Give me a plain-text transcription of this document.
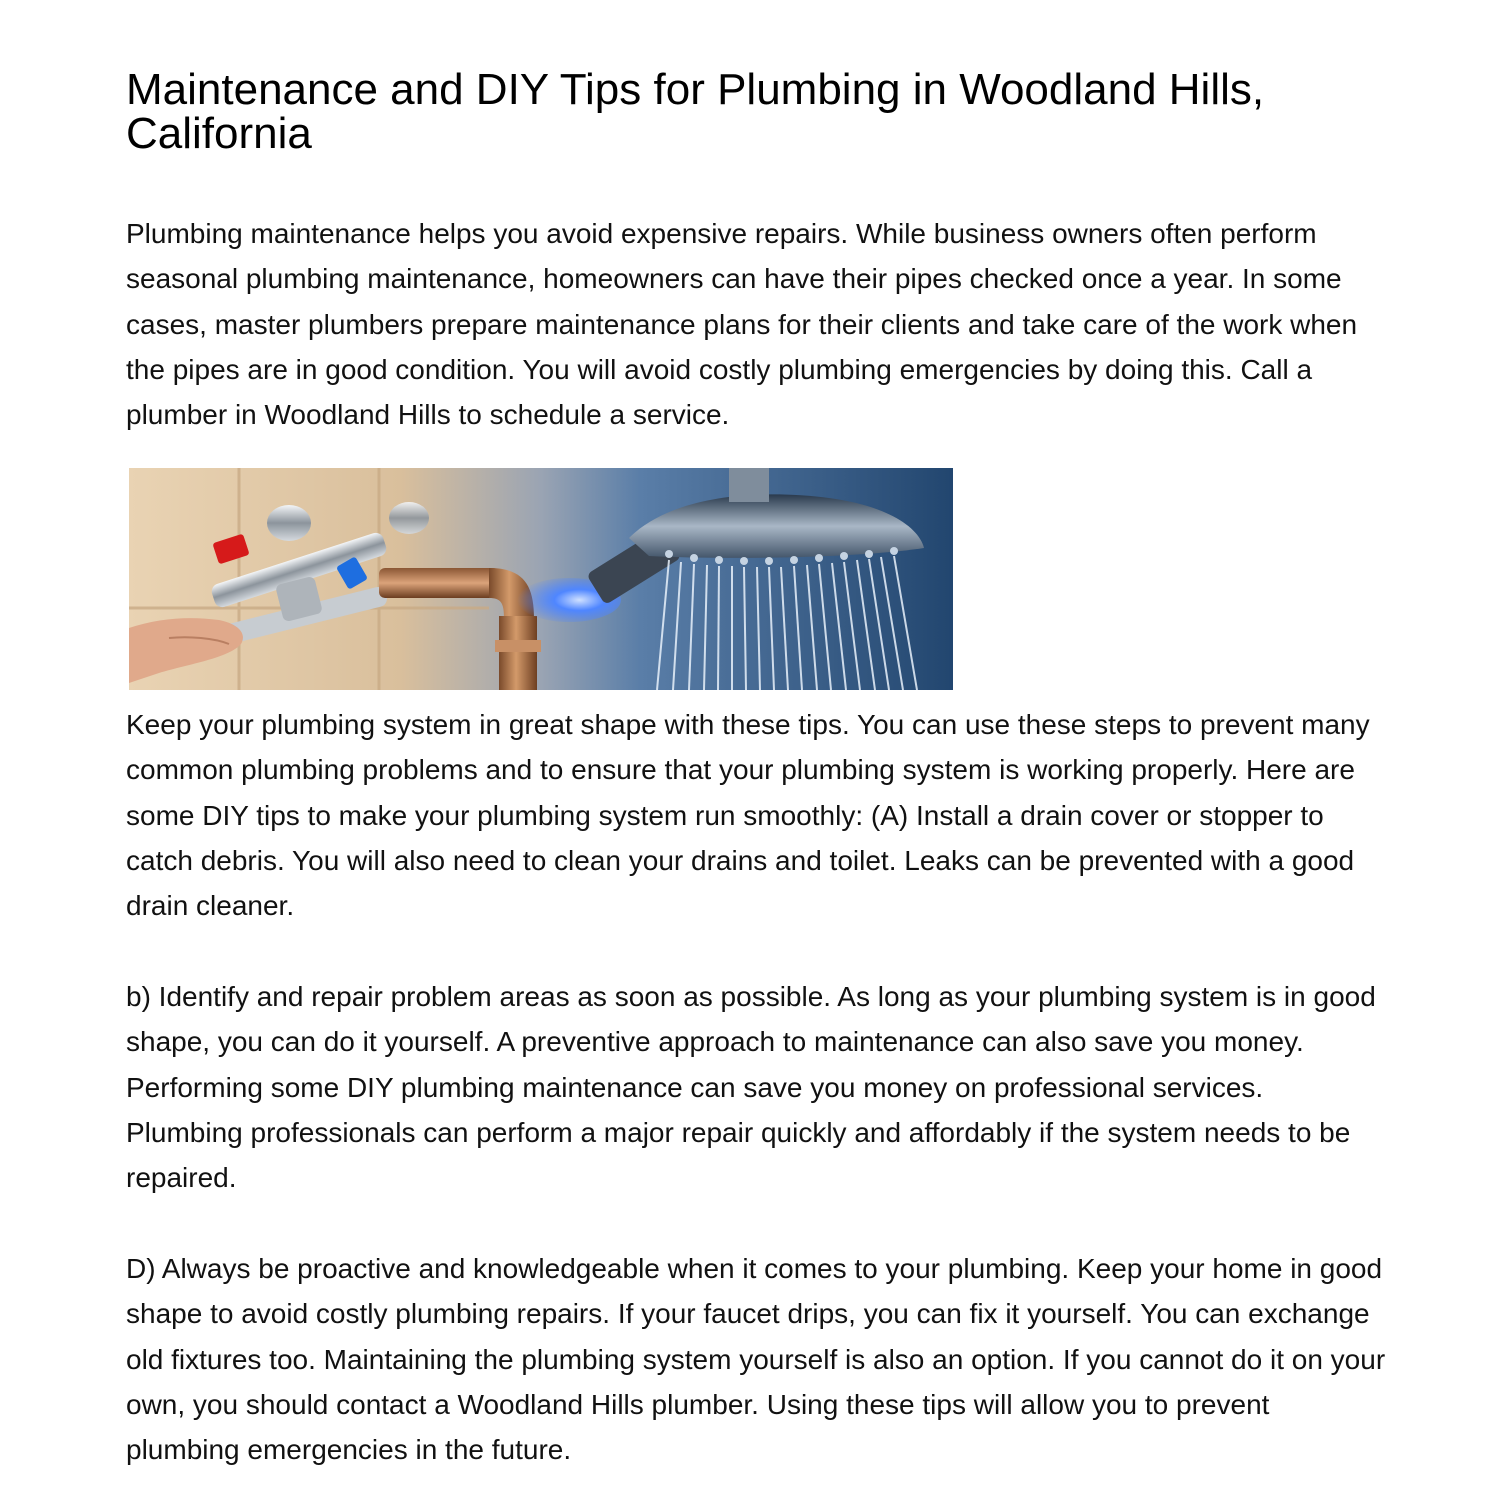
Maintenance and DIY Tips for Plumbing in Woodland Hills, California

Plumbing maintenance helps you avoid expensive repairs. While business owners often perform seasonal plumbing maintenance, homeowners can have their pipes checked once a year. In some cases, master plumbers prepare maintenance plans for their clients and take care of the work when the pipes are in good condition. You will avoid costly plumbing emergencies by doing this. Call a plumber in Woodland Hills to schedule a service.

Keep your plumbing system in great shape with these tips. You can use these steps to prevent many common plumbing problems and to ensure that your plumbing system is working properly. Here are some DIY tips to make your plumbing system run smoothly: (A) Install a drain cover or stopper to catch debris. You will also need to clean your drains and toilet. Leaks can be prevented with a good drain cleaner.

b) Identify and repair problem areas as soon as possible. As long as your plumbing system is in good shape, you can do it yourself. A preventive approach to maintenance can also save you money. Performing some DIY plumbing maintenance can save you money on professional services. Plumbing professionals can perform a major repair quickly and affordably if the system needs to be repaired.

D) Always be proactive and knowledgeable when it comes to your plumbing. Keep your home in good shape to avoid costly plumbing repairs. If your faucet drips, you can fix it yourself. You can exchange old fixtures too. Maintaining the plumbing system yourself is also an option. If you cannot do it on your own, you should contact a Woodland Hills plumber. Using these tips will allow you to prevent plumbing emergencies in the future.
